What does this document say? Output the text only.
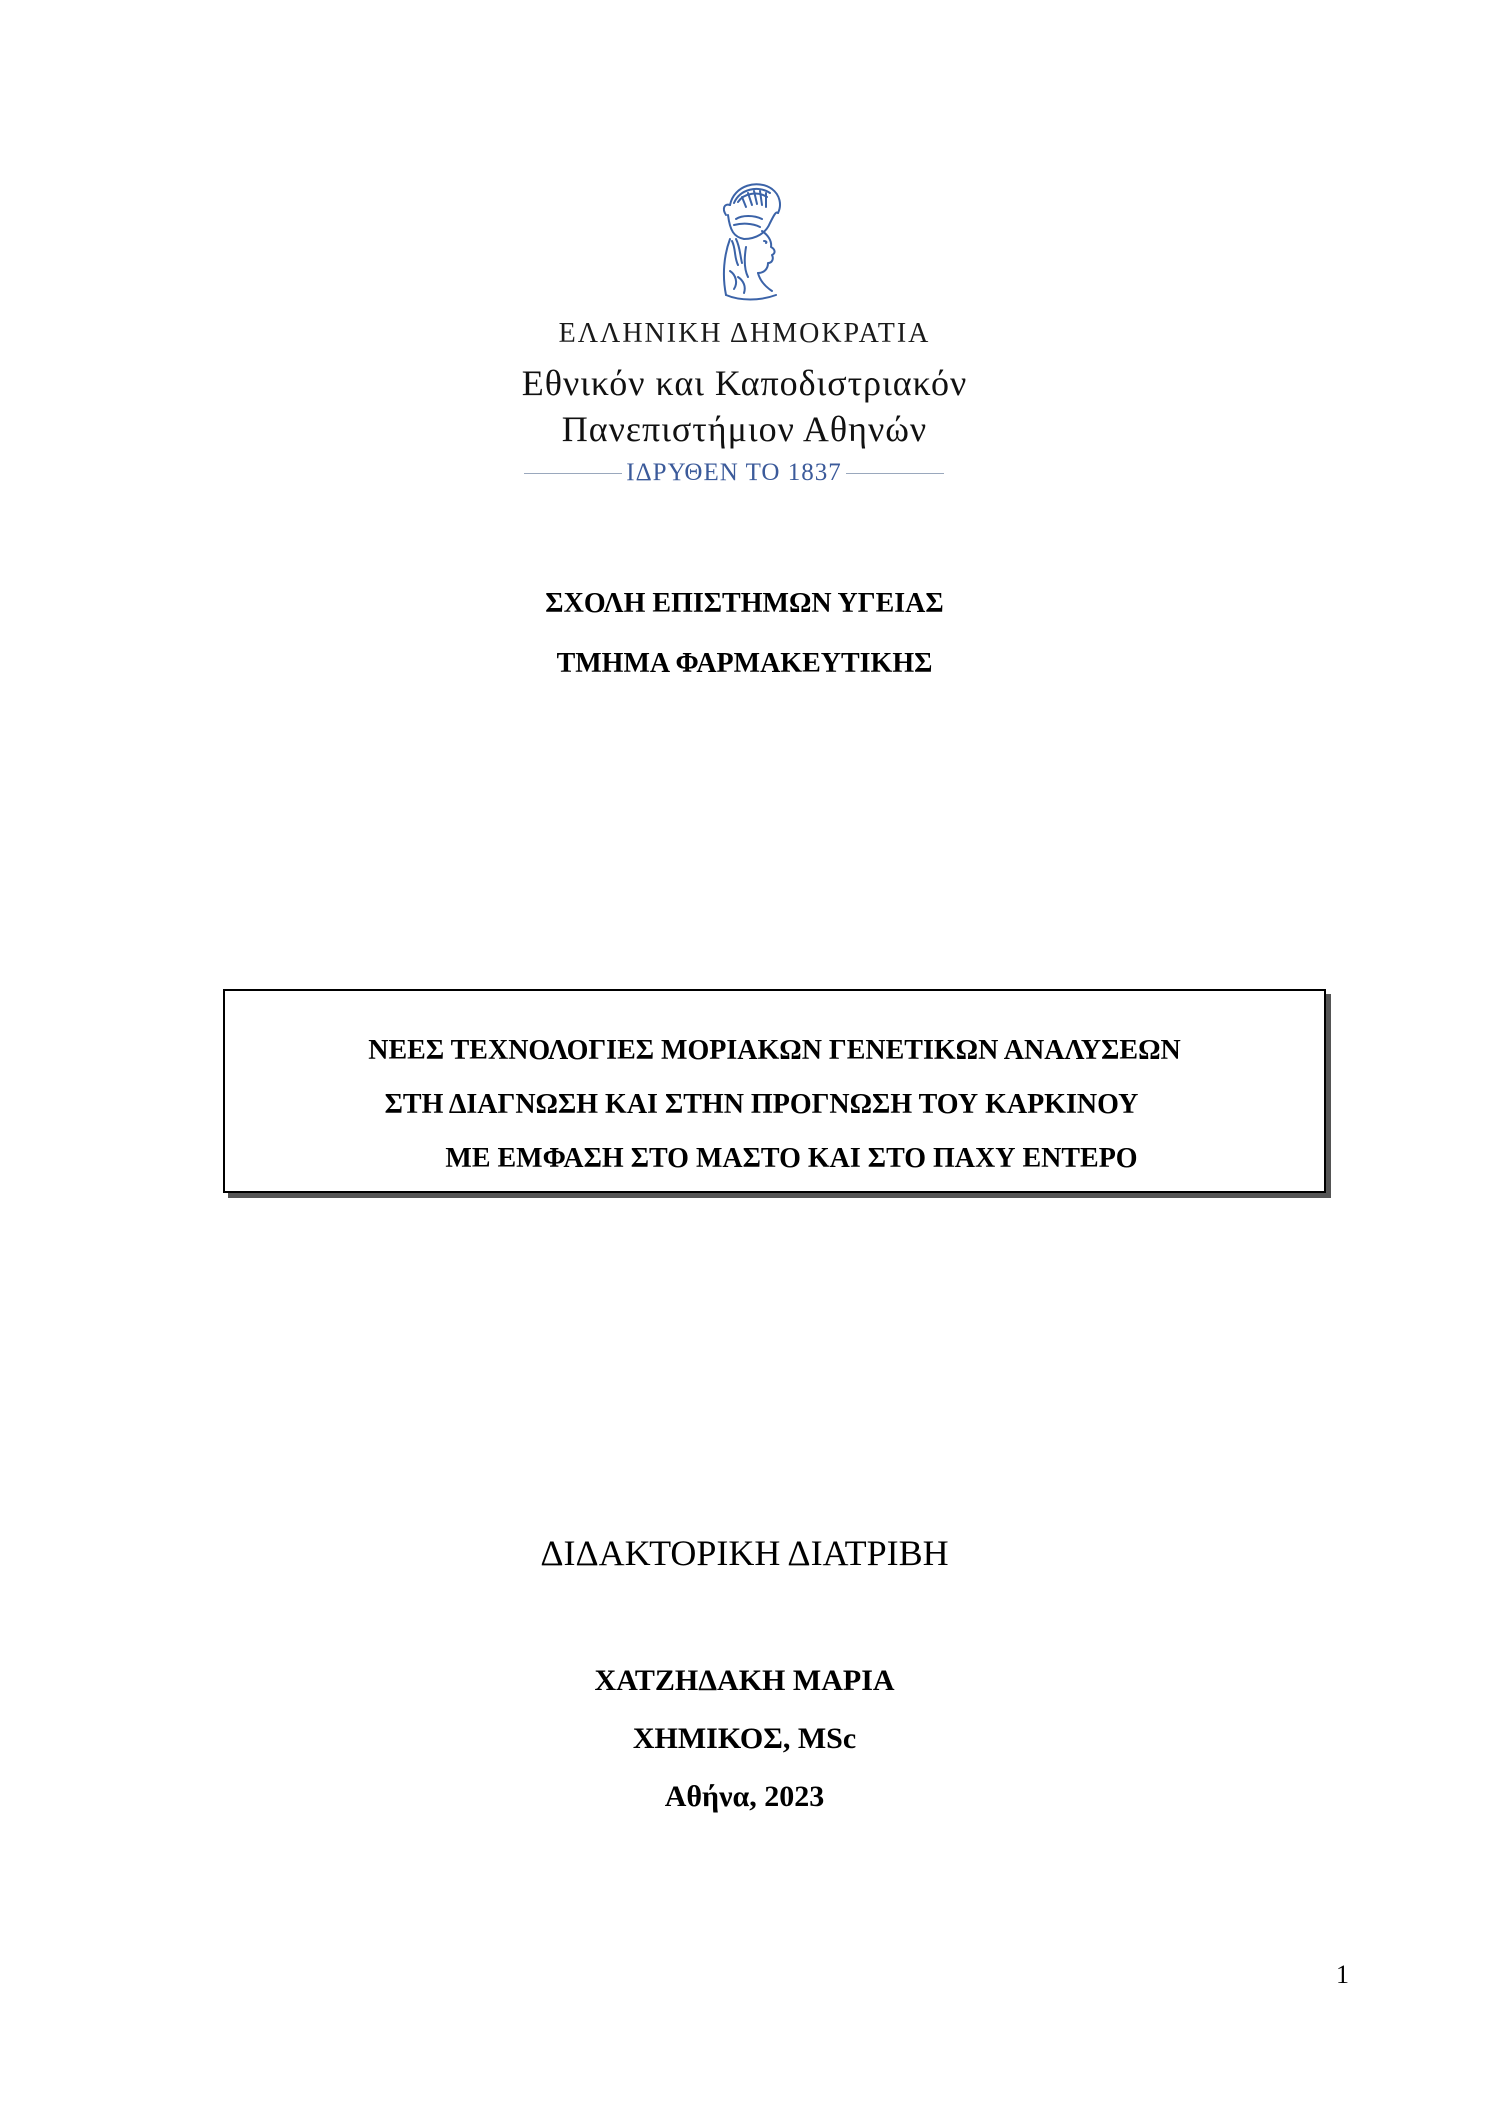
ΕΛΛΗΝΙΚΗ ΔΗΜΟΚΡΑΤΙΑ
Εθνικόν και Καποδιστριακόν
Πανεπιστήμιον Αθηνών
ΙΔΡΥΘΕΝ ΤΟ 1837
ΣΧΟΛΗ ΕΠΙΣΤΗΜΩΝ ΥΓΕΙΑΣ
ΤΜΗΜΑ ΦΑΡΜΑΚΕΥΤΙΚΗΣ
ΝΕΕΣ ΤΕΧΝΟΛΟΓΙΕΣ ΜΟΡΙΑΚΩΝ ΓΕΝΕΤΙΚΩΝ ΑΝΑΛΥΣΕΩΝ
ΣΤΗ ΔΙΑΓΝΩΣΗ ΚΑΙ ΣΤΗΝ ΠΡΟΓΝΩΣΗ ΤΟΥ ΚΑΡΚΙΝΟΥ
ΜΕ ΕΜΦΑΣΗ ΣΤΟ ΜΑΣΤΟ ΚΑΙ ΣΤΟ ΠΑΧΥ ΕΝΤΕΡΟ
ΔΙΔΑΚΤΟΡΙΚΗ ΔΙΑΤΡΙΒΗ
ΧΑΤΖΗΔΑΚΗ ΜΑΡΙΑ
ΧΗΜΙΚΟΣ, MSc
Αθήνα, 2023
1
